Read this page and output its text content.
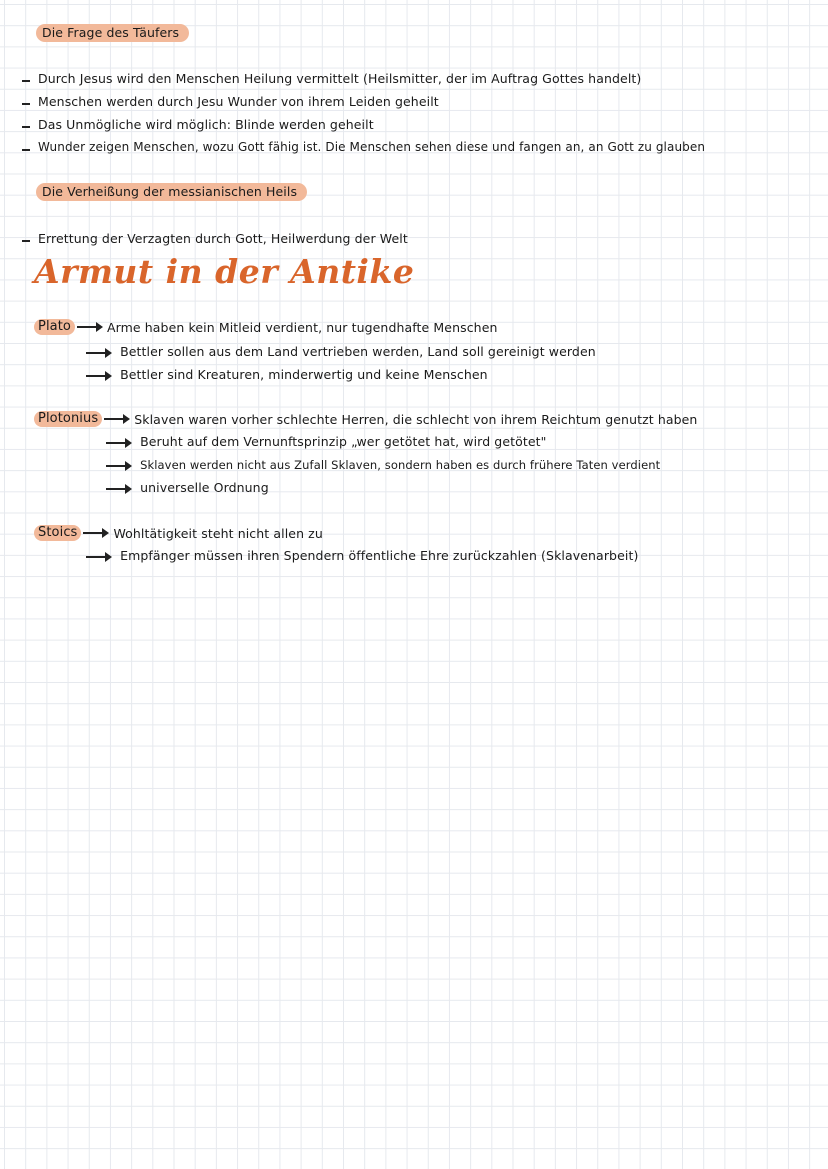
Die Frage des Täufers
Durch Jesus wird den Menschen Heilung vermittelt (Heilsmitter, der im Auftrag Gottes handelt)
Menschen werden durch Jesu Wunder von ihrem Leiden geheilt
Das Unmögliche wird möglich: Blinde werden geheilt
Wunder zeigen Menschen, wozu Gott fähig ist. Die Menschen sehen diese und fangen an, an Gott zu glauben
Die Verheißung der messianischen Heils
Errettung der Verzagten durch Gott, Heilwerdung der Welt
Armut in der Antike
Plato	Arme haben kein Mitleid verdient, nur tugendhafte Menschen
Bettler sollen aus dem Land vertrieben werden, Land soll gereinigt werden
Bettler sind Kreaturen, minderwertig und keine Menschen
Plotonius	Sklaven waren vorher schlechte Herren, die schlecht von ihrem Reichtum genutzt haben
Beruht auf dem Vernunftsprinzip „wer getötet hat, wird getötet"
Sklaven werden nicht aus Zufall Sklaven, sondern haben es durch frühere Taten verdient
universelle Ordnung
Stoics	Wohltätigkeit steht nicht allen zu
Empfänger müssen ihren Spendern öffentliche Ehre zurückzahlen (Sklavenarbeit)
